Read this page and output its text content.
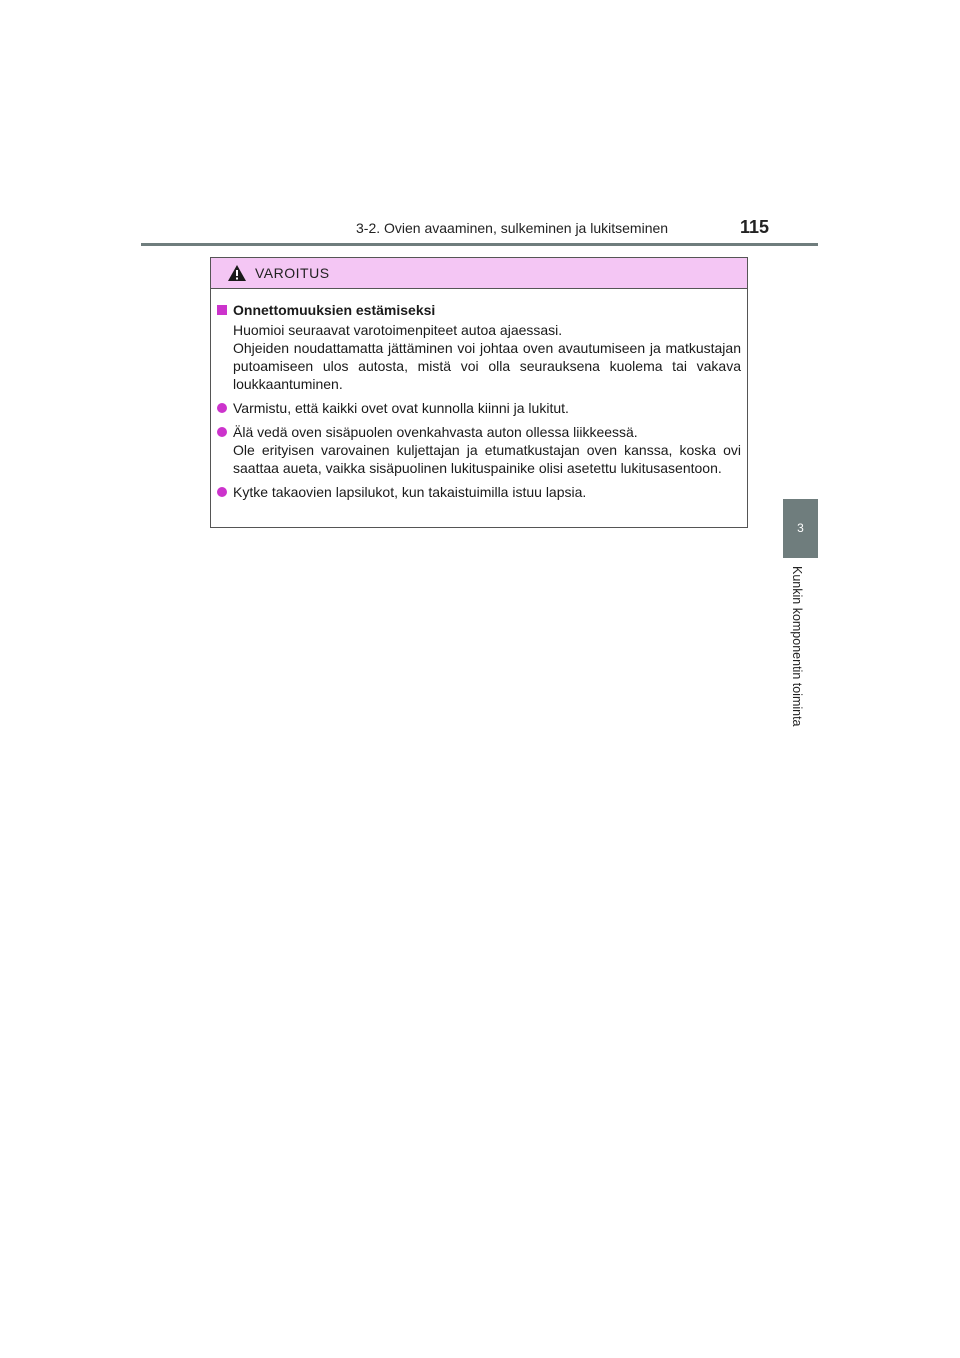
3-2. Ovien avaaminen, sulkeminen ja lukitseminen	115
3
Kunkin komponentin toiminta
VAROITUS
Onnettomuuksien estämiseksi

Huomioi seuraavat varotoimenpiteet autoa ajaessasi.

Ohjeiden noudattamatta jättäminen voi johtaa oven avautumiseen ja matkustajan putoamiseen ulos autosta, mistä voi olla seurauksena kuolema tai vakava loukkaantuminen.

Varmistu, että kaikki ovet ovat kunnolla kiinni ja lukitut.

Älä vedä oven sisäpuolen ovenkahvasta auton ollessa liikkeessä.

Ole erityisen varovainen kuljettajan ja etumatkustajan oven kanssa, koska ovi saattaa aueta, vaikka sisäpuolinen lukituspainike olisi asetettu lukitusasentoon.

Kytke takaovien lapsilukot, kun takaistuimilla istuu lapsia.
